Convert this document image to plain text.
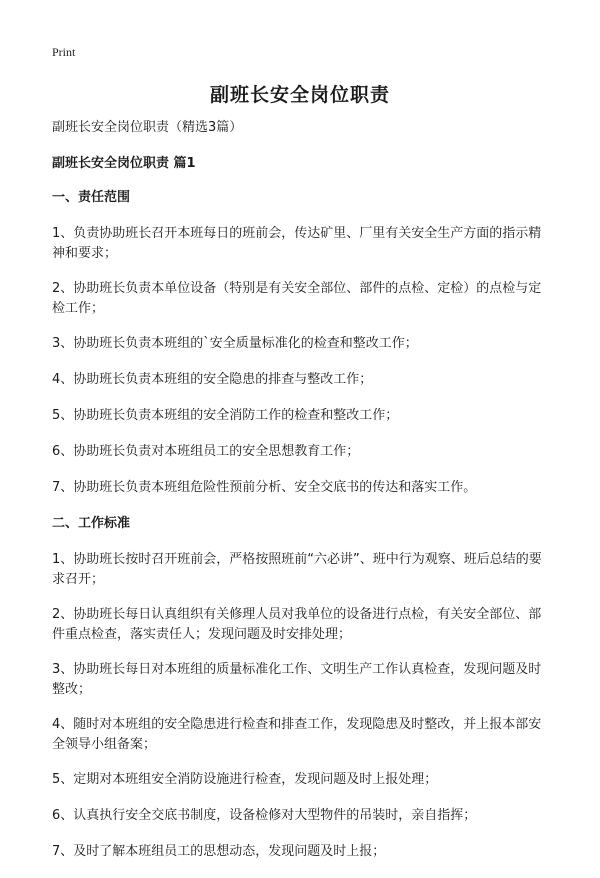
Print
副班长安全岗位职责

副班长安全岗位职责（精选3篇）

副班长安全岗位职责 篇1

一、责任范围

1、负责协助班长召开本班每日的班前会，传达矿里、厂里有关安全生产方面的指示精神和要求；

2、协助班长负责本单位设备（特别是有关安全部位、部件的点检、定检）的点检与定检工作；

3、协助班长负责本班组的`安全质量标准化的检查和整改工作；

4、协助班长负责本班组的安全隐患的排查与整改工作；

5、协助班长负责本班组的安全消防工作的检查和整改工作；

6、协助班长负责对本班组员工的安全思想教育工作；

7、协助班长负责本班组危险性预前分析、安全交底书的传达和落实工作。

二、工作标准

1、协助班长按时召开班前会，严格按照班前“六必讲”、班中行为观察、班后总结的要求召开；

2、协助班长每日认真组织有关修理人员对我单位的设备进行点检，有关安全部位、部件重点检查，落实责任人；发现问题及时安排处理；

3、协助班长每日对本班组的质量标准化工作、文明生产工作认真检查，发现问题及时整改；

4、随时对本班组的安全隐患进行检查和排查工作，发现隐患及时整改，并上报本部安全领导小组备案；

5、定期对本班组安全消防设施进行检查，发现问题及时上报处理；

6、认真执行安全交底书制度，设备检修对大型物件的吊装时，亲自指挥；

7、及时了解本班组员工的思想动态，发现问题及时上报；
